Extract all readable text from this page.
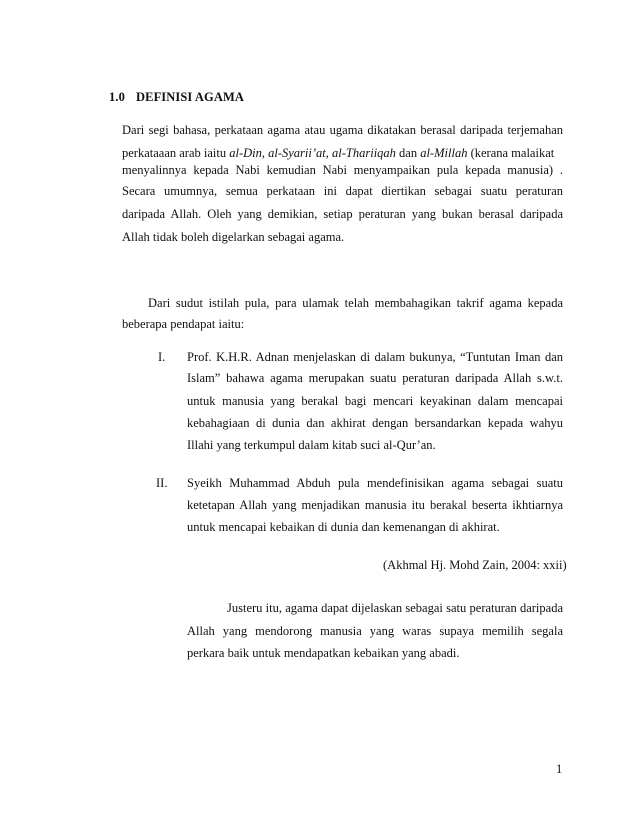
1.0 DEFINISI AGAMA
Dari segi bahasa, perkataan agama atau ugama dikatakan berasal daripada terjemahan
perkataaan arab iaitu al-Din, al-Syarii’at, al-Thariiqah dan al-Millah (kerana malaikat
menyalinnya kepada Nabi kemudian Nabi menyampaikan pula kepada manusia) .
Secara umumnya, semua perkataan ini dapat diertikan sebagai suatu peraturan
daripada Allah. Oleh yang demikian, setiap peraturan yang bukan berasal daripada
Allah tidak boleh digelarkan sebagai agama.
Dari sudut istilah pula, para ulamak telah membahagikan takrif agama kepada
beberapa pendapat iaitu:
I. Prof. K.H.R. Adnan menjelaskan di dalam bukunya, “Tuntutan Iman dan
Islam” bahawa agama merupakan suatu peraturan daripada Allah s.w.t.
untuk manusia yang berakal bagi mencari keyakinan dalam mencapai
kebahagiaan di dunia dan akhirat dengan bersandarkan kepada wahyu
Illahi yang terkumpul dalam kitab suci al-Qur’an.
II. Syeikh Muhammad Abduh pula mendefinisikan agama sebagai suatu
ketetapan Allah yang menjadikan manusia itu berakal beserta ikhtiarnya
untuk mencapai kebaikan di dunia dan kemenangan di akhirat.
(Akhmal Hj. Mohd Zain, 2004: xxii)
Justeru itu, agama dapat dijelaskan sebagai satu peraturan daripada
Allah yang mendorong manusia yang waras supaya memilih segala
perkara baik untuk mendapatkan kebaikan yang abadi.
1
